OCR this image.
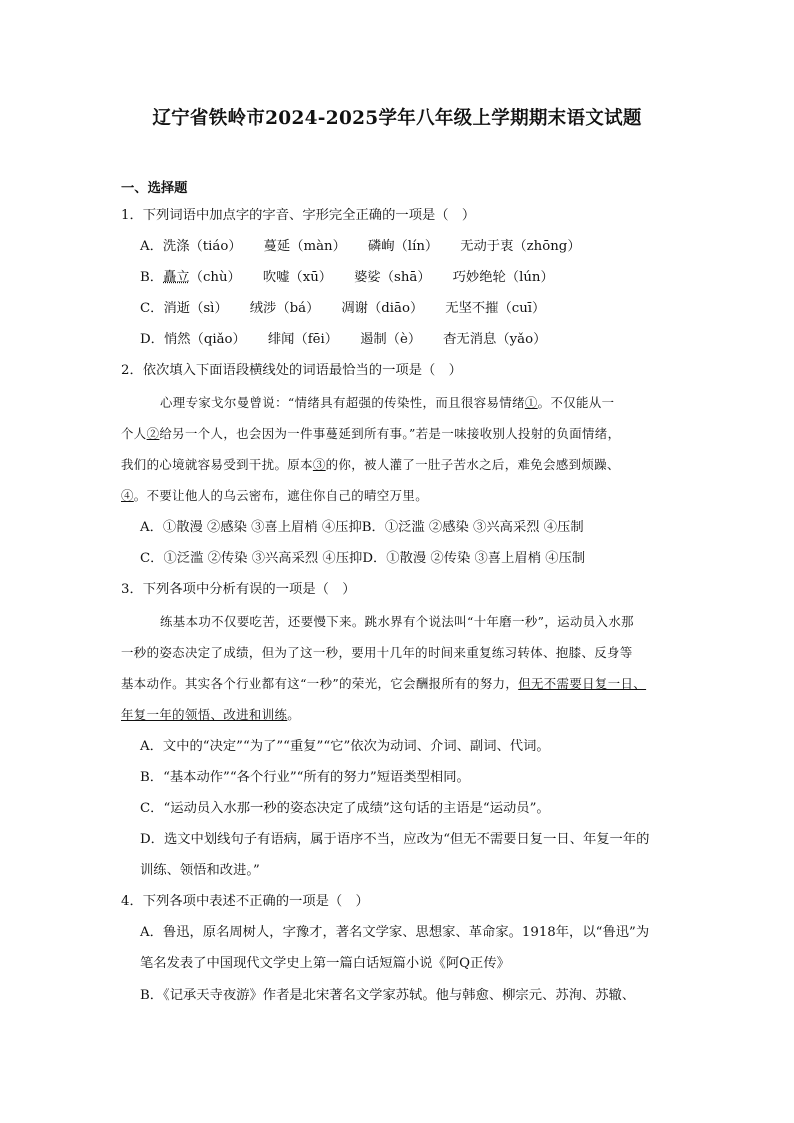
辽宁省铁岭市2024-2025学年八年级上学期期末语文试题
一、选择题
1．下列词语中加点字的字音、字形完全正确的一项是（　）
A．洗涤（tiáo） 蔓延（màn） 磷峋（lín） 无动于衷（zhōng）
B．矗立（chù） 吹嘘（xū） 婆娑（shā） 巧妙绝轮（lún）
C．消逝（sì） 绒涉（bá） 凋谢（diāo） 无坚不摧（cuī）
D．悄然（qiǎo） 绯闻（fēi） 遏制（è） 杳无消息（yǎo）
2．依次填入下面语段横线处的词语最恰当的一项是（　）
心理专家戈尔曼曾说：“情绪具有超强的传染性，而且很容易情绪①。不仅能从一
个人②给另一个人，也会因为一件事蔓延到所有事。”若是一味接收别人投射的负面情绪，
我们的心境就容易受到干扰。原本③的你，被人灌了一肚子苦水之后，难免会感到烦躁、
④。不要让他人的乌云密布，遮住你自己的晴空万里。
A．①散漫 ②感染 ③喜上眉梢 ④压抑B．①泛滥 ②感染 ③兴高采烈 ④压制
C．①泛滥 ②传染 ③兴高采烈 ④压抑D．①散漫 ②传染 ③喜上眉梢 ④压制
3．下列各项中分析有误的一项是（　）
练基本功不仅要吃苦，还要慢下来。跳水界有个说法叫“十年磨一秒”，运动员入水那
一秒的姿态决定了成绩，但为了这一秒，要用十几年的时间来重复练习转体、抱膝、反身等
基本动作。其实各个行业都有这“一秒”的荣光，它会酬报所有的努力，但无不需要日复一日、
年复一年的领悟、改进和训练。
A．文中的“决定”“为了”“重复”“它”依次为动词、介词、副词、代词。
B．“基本动作”“各个行业”“所有的努力”短语类型相同。
C．“运动员入水那一秒的姿态决定了成绩”这句话的主语是“运动员”。
D．选文中划线句子有语病，属于语序不当，应改为“但无不需要日复一日、年复一年的
训练、领悟和改进。”
4．下列各项中表述不正确的一项是（　）
A．鲁迅，原名周树人，字豫才，著名文学家、思想家、革命家。1918年，以“鲁迅”为
笔名发表了中国现代文学史上第一篇白话短篇小说《阿Q正传》
B．《记承天寺夜游》作者是北宋著名文学家苏轼。他与韩愈、柳宗元、苏洵、苏辙、
